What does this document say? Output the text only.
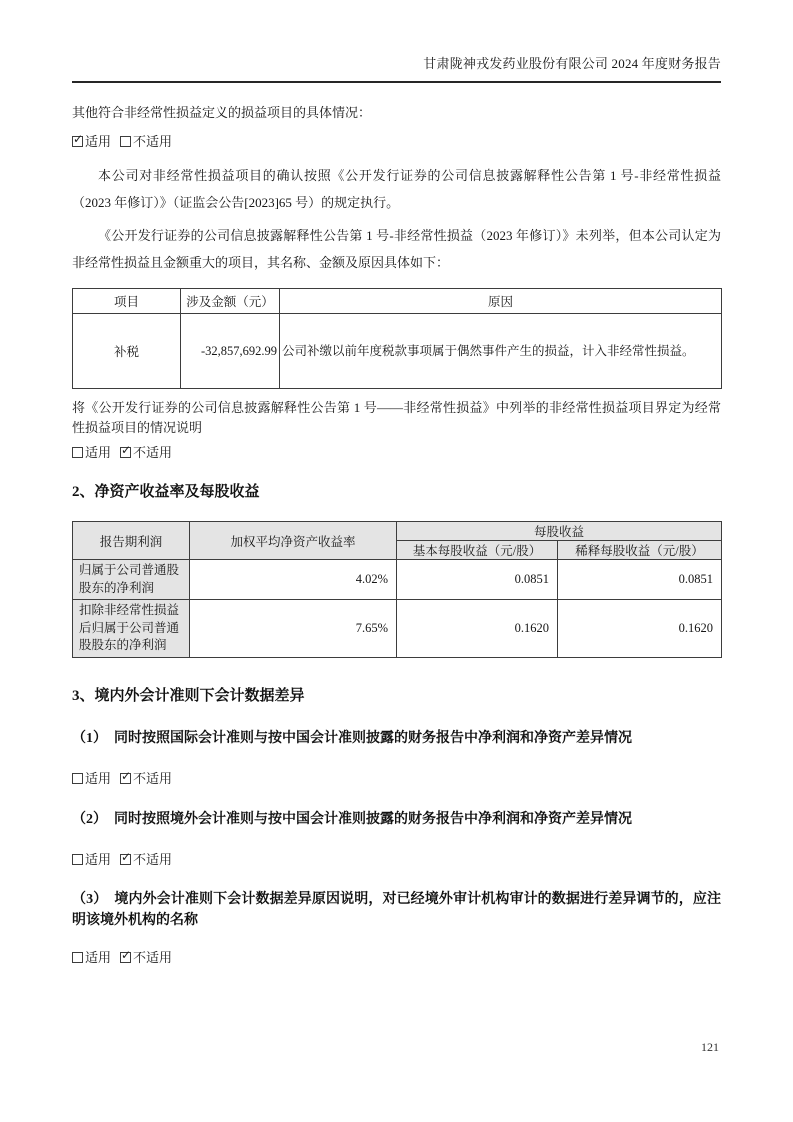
甘肃陇神戎发药业股份有限公司 2024 年度财务报告

其他符合非经常性损益定义的损益项目的具体情况：

✓ 适用 不适用

本公司对非经常性损益项目的确认按照《公开发行证券的公司信息披露解释性公告第 1 号-非经常性损益（2023 年修订）》（证监会公告[2023]65 号）的规定执行。

《公开发行证券的公司信息披露解释性公告第 1 号-非经常性损益（2023 年修订）》未列举，但本公司认定为非经常性损益且金额重大的项目，其名称、金额及原因具体如下：

项目	涉及金额（元）	原因
补税	-32,857,692.99	公司补缴以前年度税款事项属于偶然事件产生的损益，计入非经常性损益。

将《公开发行证券的公司信息披露解释性公告第 1 号——非经常性损益》中列举的非经常性损益项目界定为经常性损益项目的情况说明

适用 ✓ 不适用
2、净资产收益率及每股收益
报告期利润	加权平均净资产收益率	每股收益	
		基本每股收益（元/股）	稀释每股收益（元/股）
归属于公司普通股股东的净利润	4.02%	0.0851	0.0851
扣除非经常性损益后归属于公司普通股股东的净利润	7.65%	0.1620	0.1620
3、境内外会计准则下会计数据差异
（1） 同时按照国际会计准则与按中国会计准则披露的财务报告中净利润和净资产差异情况
适用 ✓ 不适用
（2） 同时按照境外会计准则与按中国会计准则披露的财务报告中净利润和净资产差异情况
适用 ✓ 不适用
（3） 境内外会计准则下会计数据差异原因说明，对已经境外审计机构审计的数据进行差异调节的，应注明该境外机构的名称
适用 ✓ 不适用
121
